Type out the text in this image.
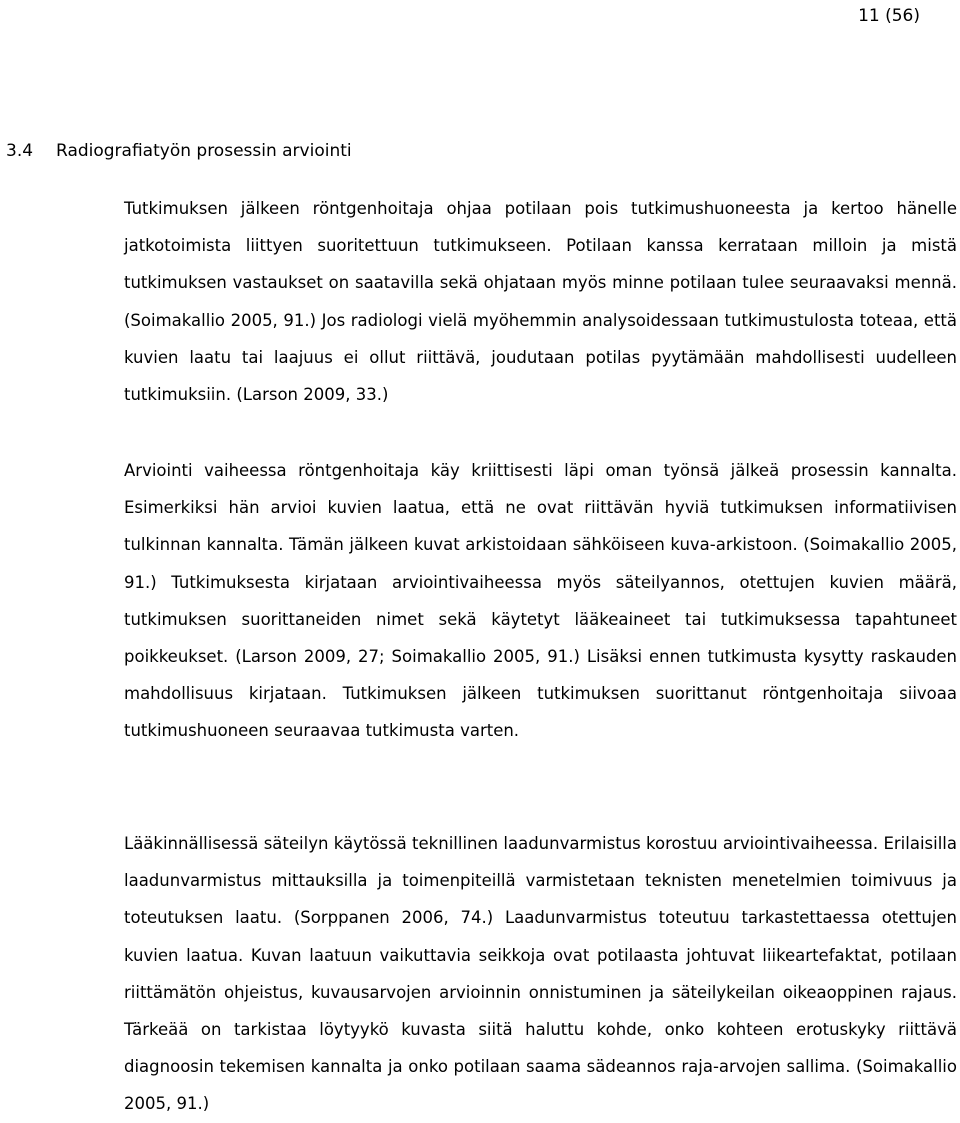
11 (56)
3.4 Radiografiatyön prosessin arviointi

Tutkimuksen jälkeen röntgenhoitaja ohjaa potilaan pois tutkimushuoneesta ja kertoo hänelle jatkotoimista liittyen suoritettuun tutkimukseen. Potilaan kanssa kerrataan milloin ja mistä tutkimuksen vastaukset on saatavilla sekä ohjataan myös minne potilaan tulee seuraavaksi mennä. (Soimakallio 2005, 91.) Jos radiologi vielä myöhemmin analysoidessaan tutkimustulosta toteaa, että kuvien laatu tai laajuus ei ollut riittävä, joudutaan potilas pyytämään mahdollisesti uudelleen tutkimuksiin. (Larson 2009, 33.)

Arviointi vaiheessa röntgenhoitaja käy kriittisesti läpi oman työnsä jälkeä prosessin kannalta. Esimerkiksi hän arvioi kuvien laatua, että ne ovat riittävän hyviä tutkimuksen informatiivisen tulkinnan kannalta. Tämän jälkeen kuvat arkistoidaan sähköiseen kuva-arkistoon. (Soimakallio 2005, 91.) Tutkimuksesta kirjataan arviointivaiheessa myös säteilyannos, otettujen kuvien määrä, tutkimuksen suorittaneiden nimet sekä käytetyt lääkeaineet tai tutkimuksessa tapahtuneet poikkeukset. (Larson 2009, 27; Soimakallio 2005, 91.) Lisäksi ennen tutkimusta kysytty raskauden mahdollisuus kirjataan. Tutkimuksen jälkeen tutkimuksen suorittanut röntgenhoitaja siivoaa tutkimushuoneen seuraavaa tutkimusta varten.

Lääkinnällisessä säteilyn käytössä teknillinen laadunvarmistus korostuu arviointivaiheessa. Erilaisilla laadunvarmistus mittauksilla ja toimenpiteillä varmistetaan teknisten menetelmien toimivuus ja toteutuksen laatu. (Sorppanen 2006, 74.) Laadunvarmistus toteutuu tarkastettaessa otettujen kuvien laatua. Kuvan laatuun vaikuttavia seikkoja ovat potilaasta johtuvat liikeartefaktat, potilaan riittämätön ohjeistus, kuvausarvojen arvioinnin onnistuminen ja säteilykeilan oikeaoppinen rajaus. Tärkeää on tarkistaa löytyykö kuvasta siitä haluttu kohde, onko kohteen erotuskyky riittävä diagnoosin tekemisen kannalta ja onko potilaan saama sädeannos raja-arvojen sallima. (Soimakallio 2005, 91.)
